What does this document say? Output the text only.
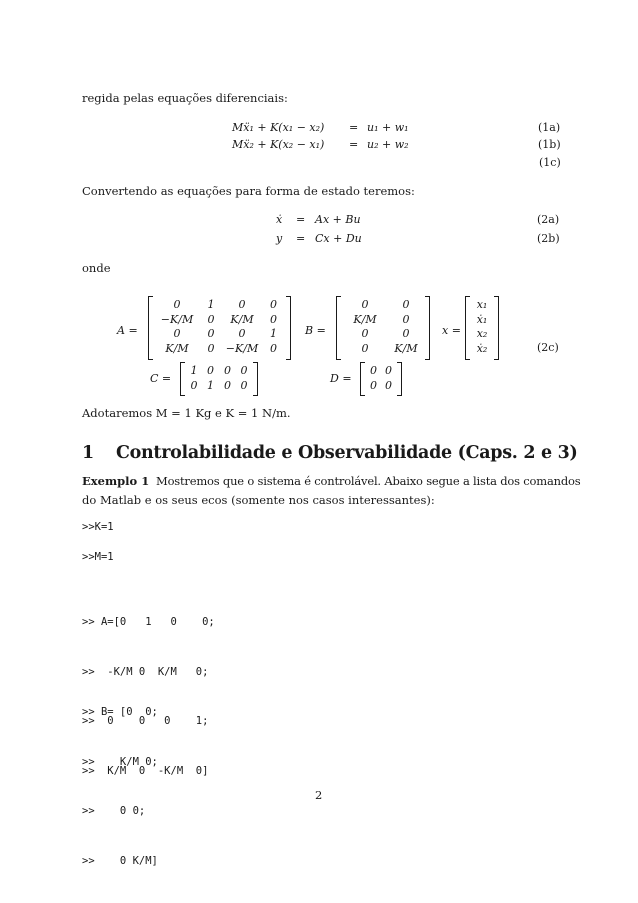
regida pelas equações diferenciais:
Mẍ₁ + K(x₁ − x₂) = u₁ + w₁	(1a)
Mẍ₂ + K(x₂ − x₁) = u₂ + w₂	(1b)
(1c)
Convertendo as equações para forma de estado teremos:
ẋ = Ax + Bu	(2a)
y = Cx + Du	(2b)
onde
A =
0	1	0	0
−K/M	0	K/M	0
0	0	0	1
K/M	0	−K/M	0
B =
0	0
K/M	0
0	0
0	K/M
x =
x₁
ẋ₁
x₂
ẋ₂	(2c)
C =
1 0 0 0
0 1 0 0	D =
0 0
0 0
Adotaremos M = 1 Kg e K = 1 N/m.
1 Controlabilidade e Observabilidade (Caps. 2 e 3)
Exemplo 1 Mostremos que o sistema é controlável. Abaixo segue a lista dos comandos
do Matlab e os seus ecos (somente nos casos interessantes):
>>K=1
>>M=1

>> A=[0   1   0    0;

>>  -K/M 0  K/M   0;

>>  0    0   0    1;

>>  K/M  0  -K/M  0]

>> B= [0  0;

>>    K/M 0;

>>    0 0;

>>    0 K/M]

2
